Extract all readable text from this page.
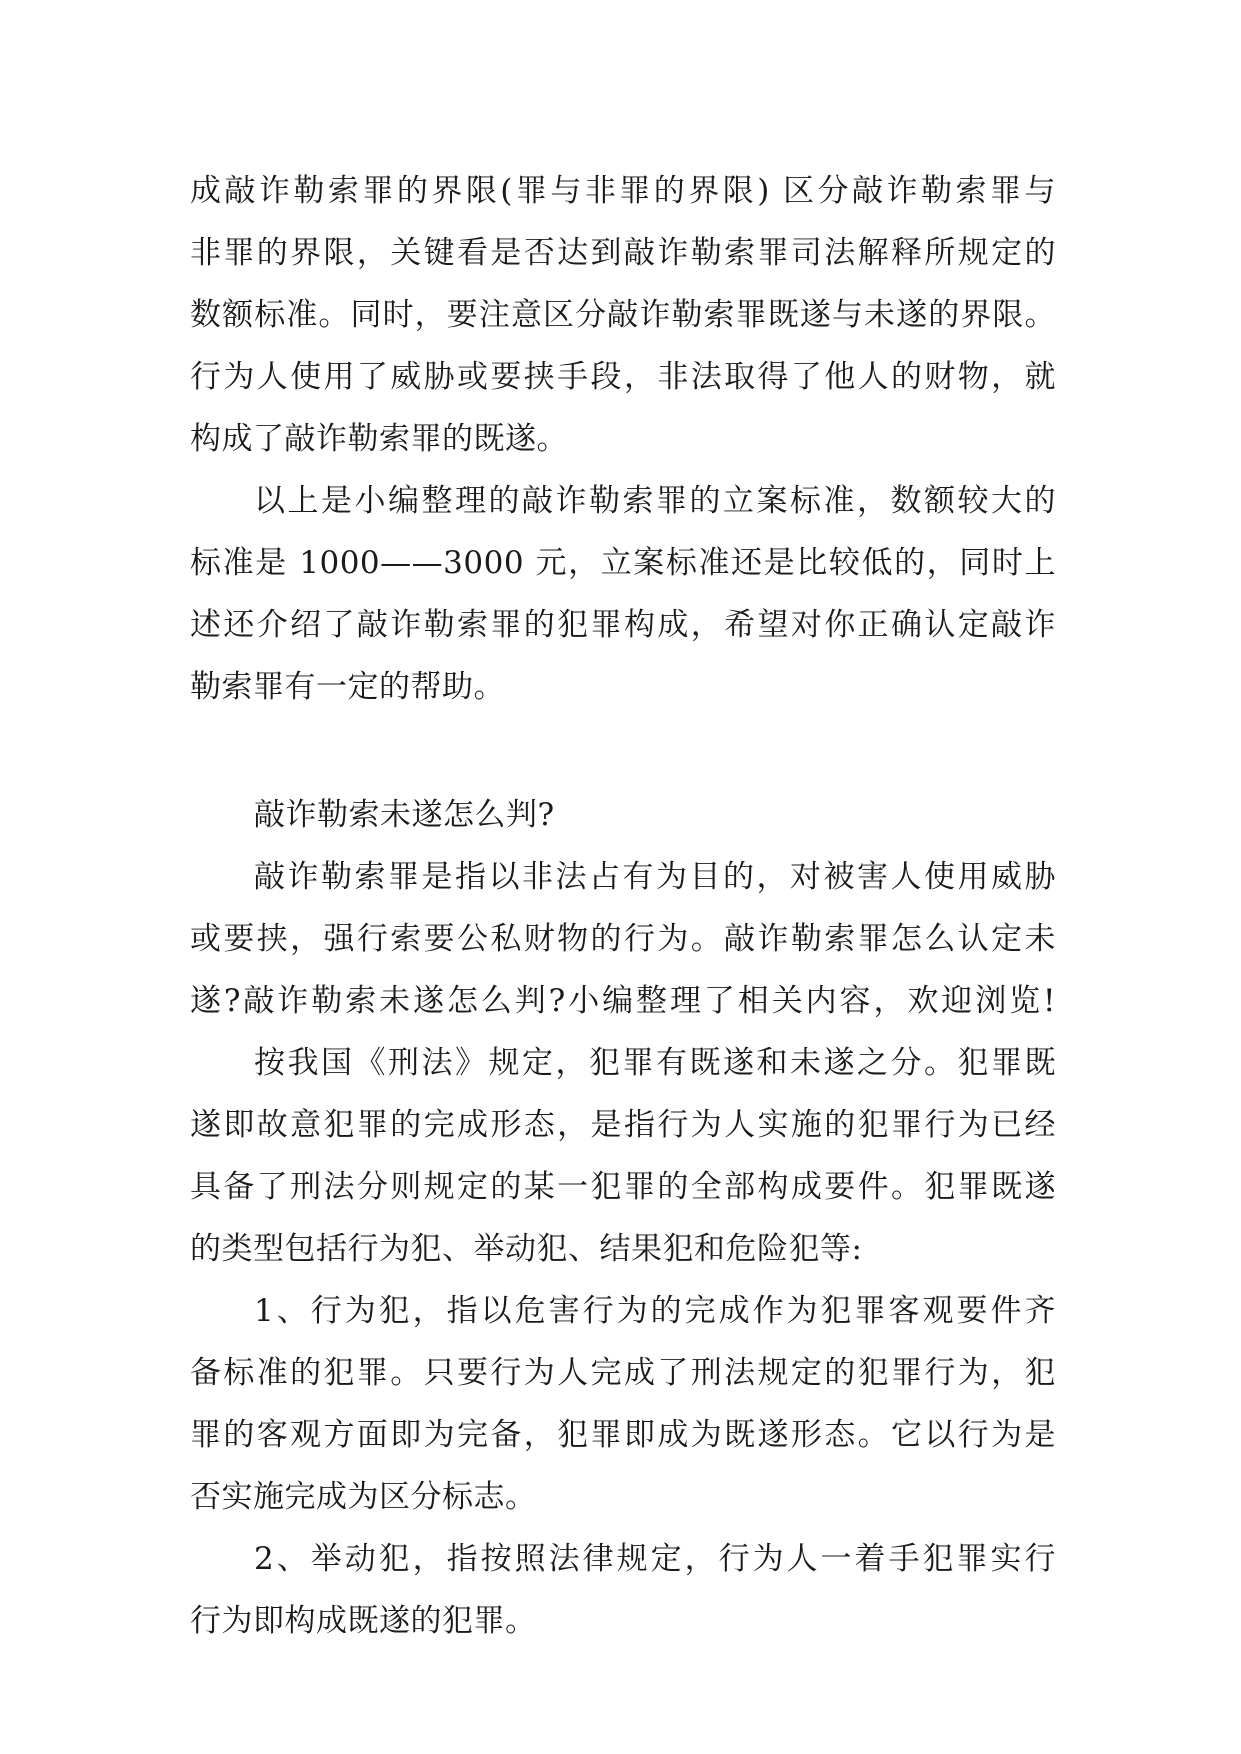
成敲诈勒索罪的界限(罪与非罪的界限) 区分敲诈勒索罪与
非罪的界限，关键看是否达到敲诈勒索罪司法解释所规定的
数额标准。同时，要注意区分敲诈勒索罪既遂与未遂的界限。
行为人使用了威胁或要挟手段，非法取得了他人的财物，就
构成了敲诈勒索罪的既遂。
以上是小编整理的敲诈勒索罪的立案标准，数额较大的
标准是 1000——3000 元，立案标准还是比较低的，同时上
述还介绍了敲诈勒索罪的犯罪构成，希望对你正确认定敲诈
勒索罪有一定的帮助。
敲诈勒索未遂怎么判?
敲诈勒索罪是指以非法占有为目的，对被害人使用威胁
或要挟，强行索要公私财物的行为。敲诈勒索罪怎么认定未
遂?敲诈勒索未遂怎么判?小编整理了相关内容，欢迎浏览!
按我国《刑法》规定，犯罪有既遂和未遂之分。犯罪既
遂即故意犯罪的完成形态，是指行为人实施的犯罪行为已经
具备了刑法分则规定的某一犯罪的全部构成要件。犯罪既遂
的类型包括行为犯、举动犯、结果犯和危险犯等:
1、行为犯，指以危害行为的完成作为犯罪客观要件齐
备标准的犯罪。只要行为人完成了刑法规定的犯罪行为，犯
罪的客观方面即为完备，犯罪即成为既遂形态。它以行为是
否实施完成为区分标志。
2、举动犯，指按照法律规定，行为人一着手犯罪实行
行为即构成既遂的犯罪。
